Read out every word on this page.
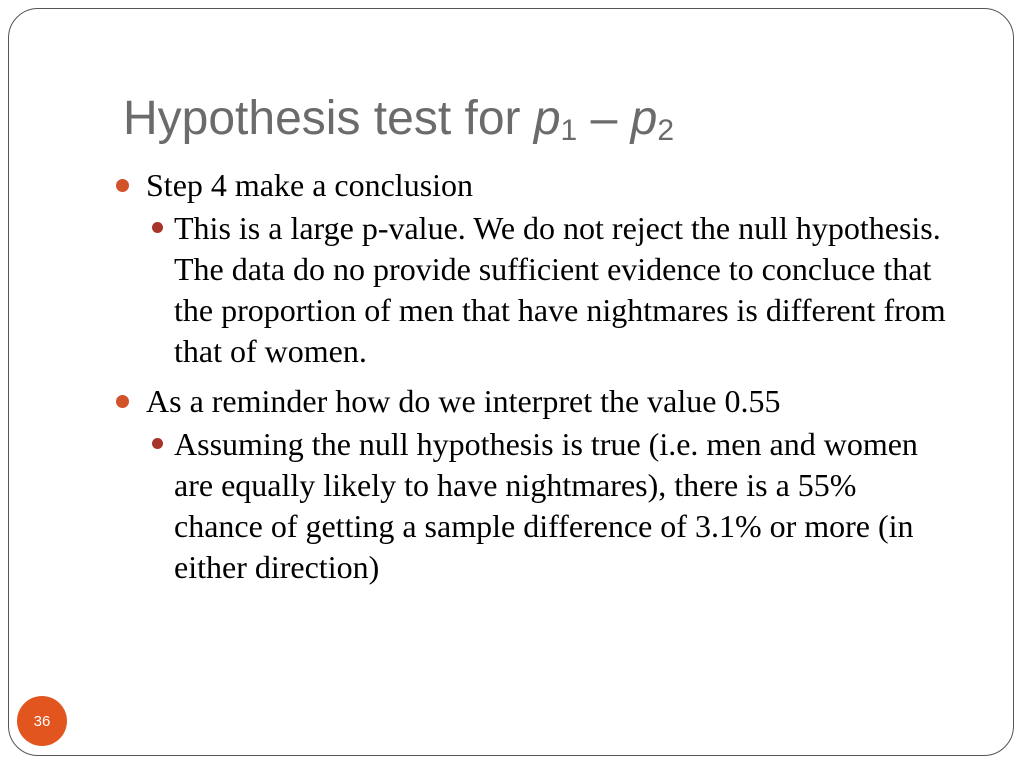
Hypothesis test for $p_1 - p_2$
Step 4 make a conclusion
This is a large p-value. We do not reject the null hypothesis. The data do no provide sufficient evidence to concluce that the proportion of men that have nightmares is different from that of women.
As a reminder how do we interpret the value 0.55
Assuming the null hypothesis is true (i.e. men and women are equally likely to have nightmares), there is a 55% chance of getting a sample difference of 3.1% or more (in either direction)
36
